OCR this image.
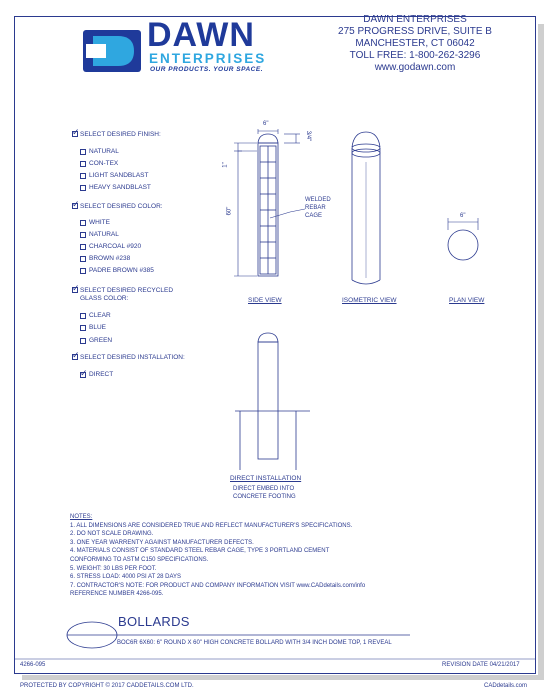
DAWN
ENTERPRISES
OUR PRODUCTS. YOUR SPACE.
DAWN ENTERPRISES
275 PROGRESS DRIVE, SUITE B
MANCHESTER, CT 06042
TOLL FREE: 1-800-262-3296
www.godawn.com
✓ SELECT DESIRED FINISH:
NATURAL
CON-TEX
LIGHT SANDBLAST
HEAVY SANDBLAST
✓ SELECT DESIRED COLOR:
WHITE
NATURAL
CHARCOAL #920
BROWN #238
PADRE BROWN #385
✓ SELECT DESIRED RECYCLED
GLASS COLOR:
CLEAR
BLUE
GREEN
✓ SELECT DESIRED INSTALLATION:
✓ DIRECT
6"
3/4"
1"
60"
WELDED
REBAR
CAGE	6"
SIDE VIEW	ISOMETRIC VIEW	PLAN VIEW
DIRECT INSTALLATION
DIRECT EMBED INTO
CONCRETE FOOTING
NOTES:
1. ALL DIMENSIONS ARE CONSIDERED TRUE AND REFLECT MANUFACTURER'S SPECIFICATIONS.
2. DO NOT SCALE DRAWING.
3. ONE YEAR WARRENTY AGAINST MANUFACTURER DEFECTS.
4. MATERIALS CONSIST OF STANDARD STEEL REBAR CAGE, TYPE 3 PORTLAND CEMENT
CONFORMING TO ASTM C150 SPECIFICATIONS.
5. WEIGHT: 30 LBS PER FOOT.
6. STRESS LOAD: 4000 PSI AT 28 DAYS
7. CONTRACTOR'S NOTE: FOR PRODUCT AND COMPANY INFORMATION VISIT www.CADdetails.com/info
REFERENCE NUMBER 4266-095.
BOLLARDS
BOC6R 6X60: 6" ROUND X 60" HIGH CONCRETE BOLLARD WITH 3/4 INCH DOME TOP, 1 REVEAL
4266-095	REVISION DATE 04/21/2017
PROTECTED BY COPYRIGHT © 2017 CADDETAILS.COM LTD.	CADdetails.com
